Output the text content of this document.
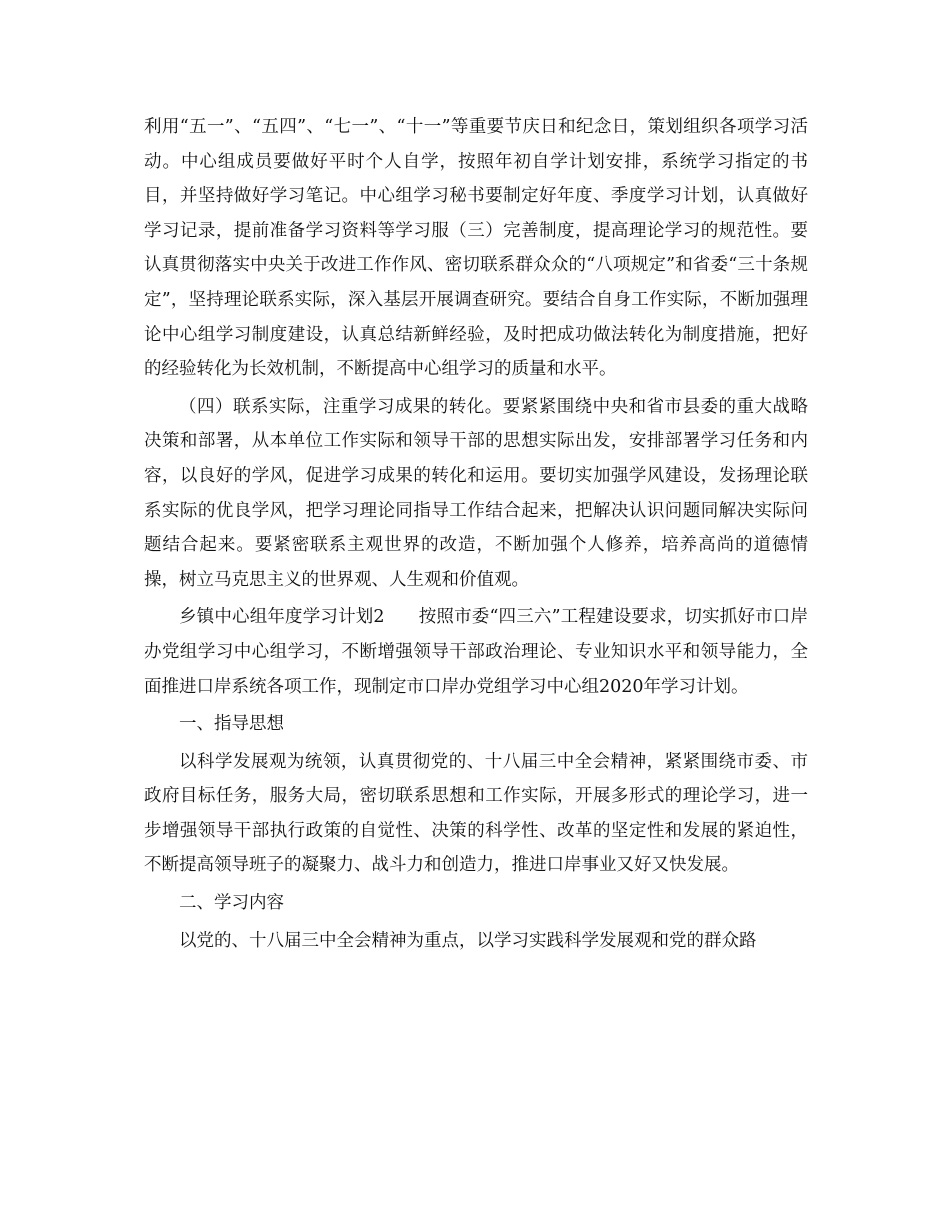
利用“五一”、“五四”、“七一”、“十一”等重要节庆日和纪念日，策划组织各项学习活动。中心组成员要做好平时个人自学，按照年初自学计划安排，系统学习指定的书目，并坚持做好学习笔记。中心组学习秘书要制定好年度、季度学习计划，认真做好学习记录，提前准备学习资料等学习服（三）完善制度，提高理论学习的规范性。要认真贯彻落实中央关于改进工作作风、密切联系群众众的“八项规定”和省委“三十条规定”，坚持理论联系实际，深入基层开展调查研究。要结合自身工作实际，不断加强理论中心组学习制度建设，认真总结新鲜经验，及时把成功做法转化为制度措施，把好的经验转化为长效机制，不断提高中心组学习的质量和水平。

（四）联系实际，注重学习成果的转化。要紧紧围绕中央和省市县委的重大战略决策和部署，从本单位工作实际和领导干部的思想实际出发，安排部署学习任务和内容，以良好的学风，促进学习成果的转化和运用。要切实加强学风建设，发扬理论联系实际的优良学风，把学习理论同指导工作结合起来，把解决认识问题同解决实际问题结合起来。要紧密联系主观世界的改造，不断加强个人修养，培养高尚的道德情操，树立马克思主义的世界观、人生观和价值观。

乡镇中心组年度学习计划2 按照市委“四三六”工程建设要求，切实抓好市口岸办党组学习中心组学习，不断增强领导干部政治理论、专业知识水平和领导能力，全面推进口岸系统各项工作，现制定市口岸办党组学习中心组2020年学习计划。

一、指导思想

以科学发展观为统领，认真贯彻党的、十八届三中全会精神，紧紧围绕市委、市政府目标任务，服务大局，密切联系思想和工作实际，开展多形式的理论学习，进一步增强领导干部执行政策的自觉性、决策的科学性、改革的坚定性和发展的紧迫性，不断提高领导班子的凝聚力、战斗力和创造力，推进口岸事业又好又快发展。

二、学习内容

以党的、十八届三中全会精神为重点，以学习实践科学发展观和党的群众路
